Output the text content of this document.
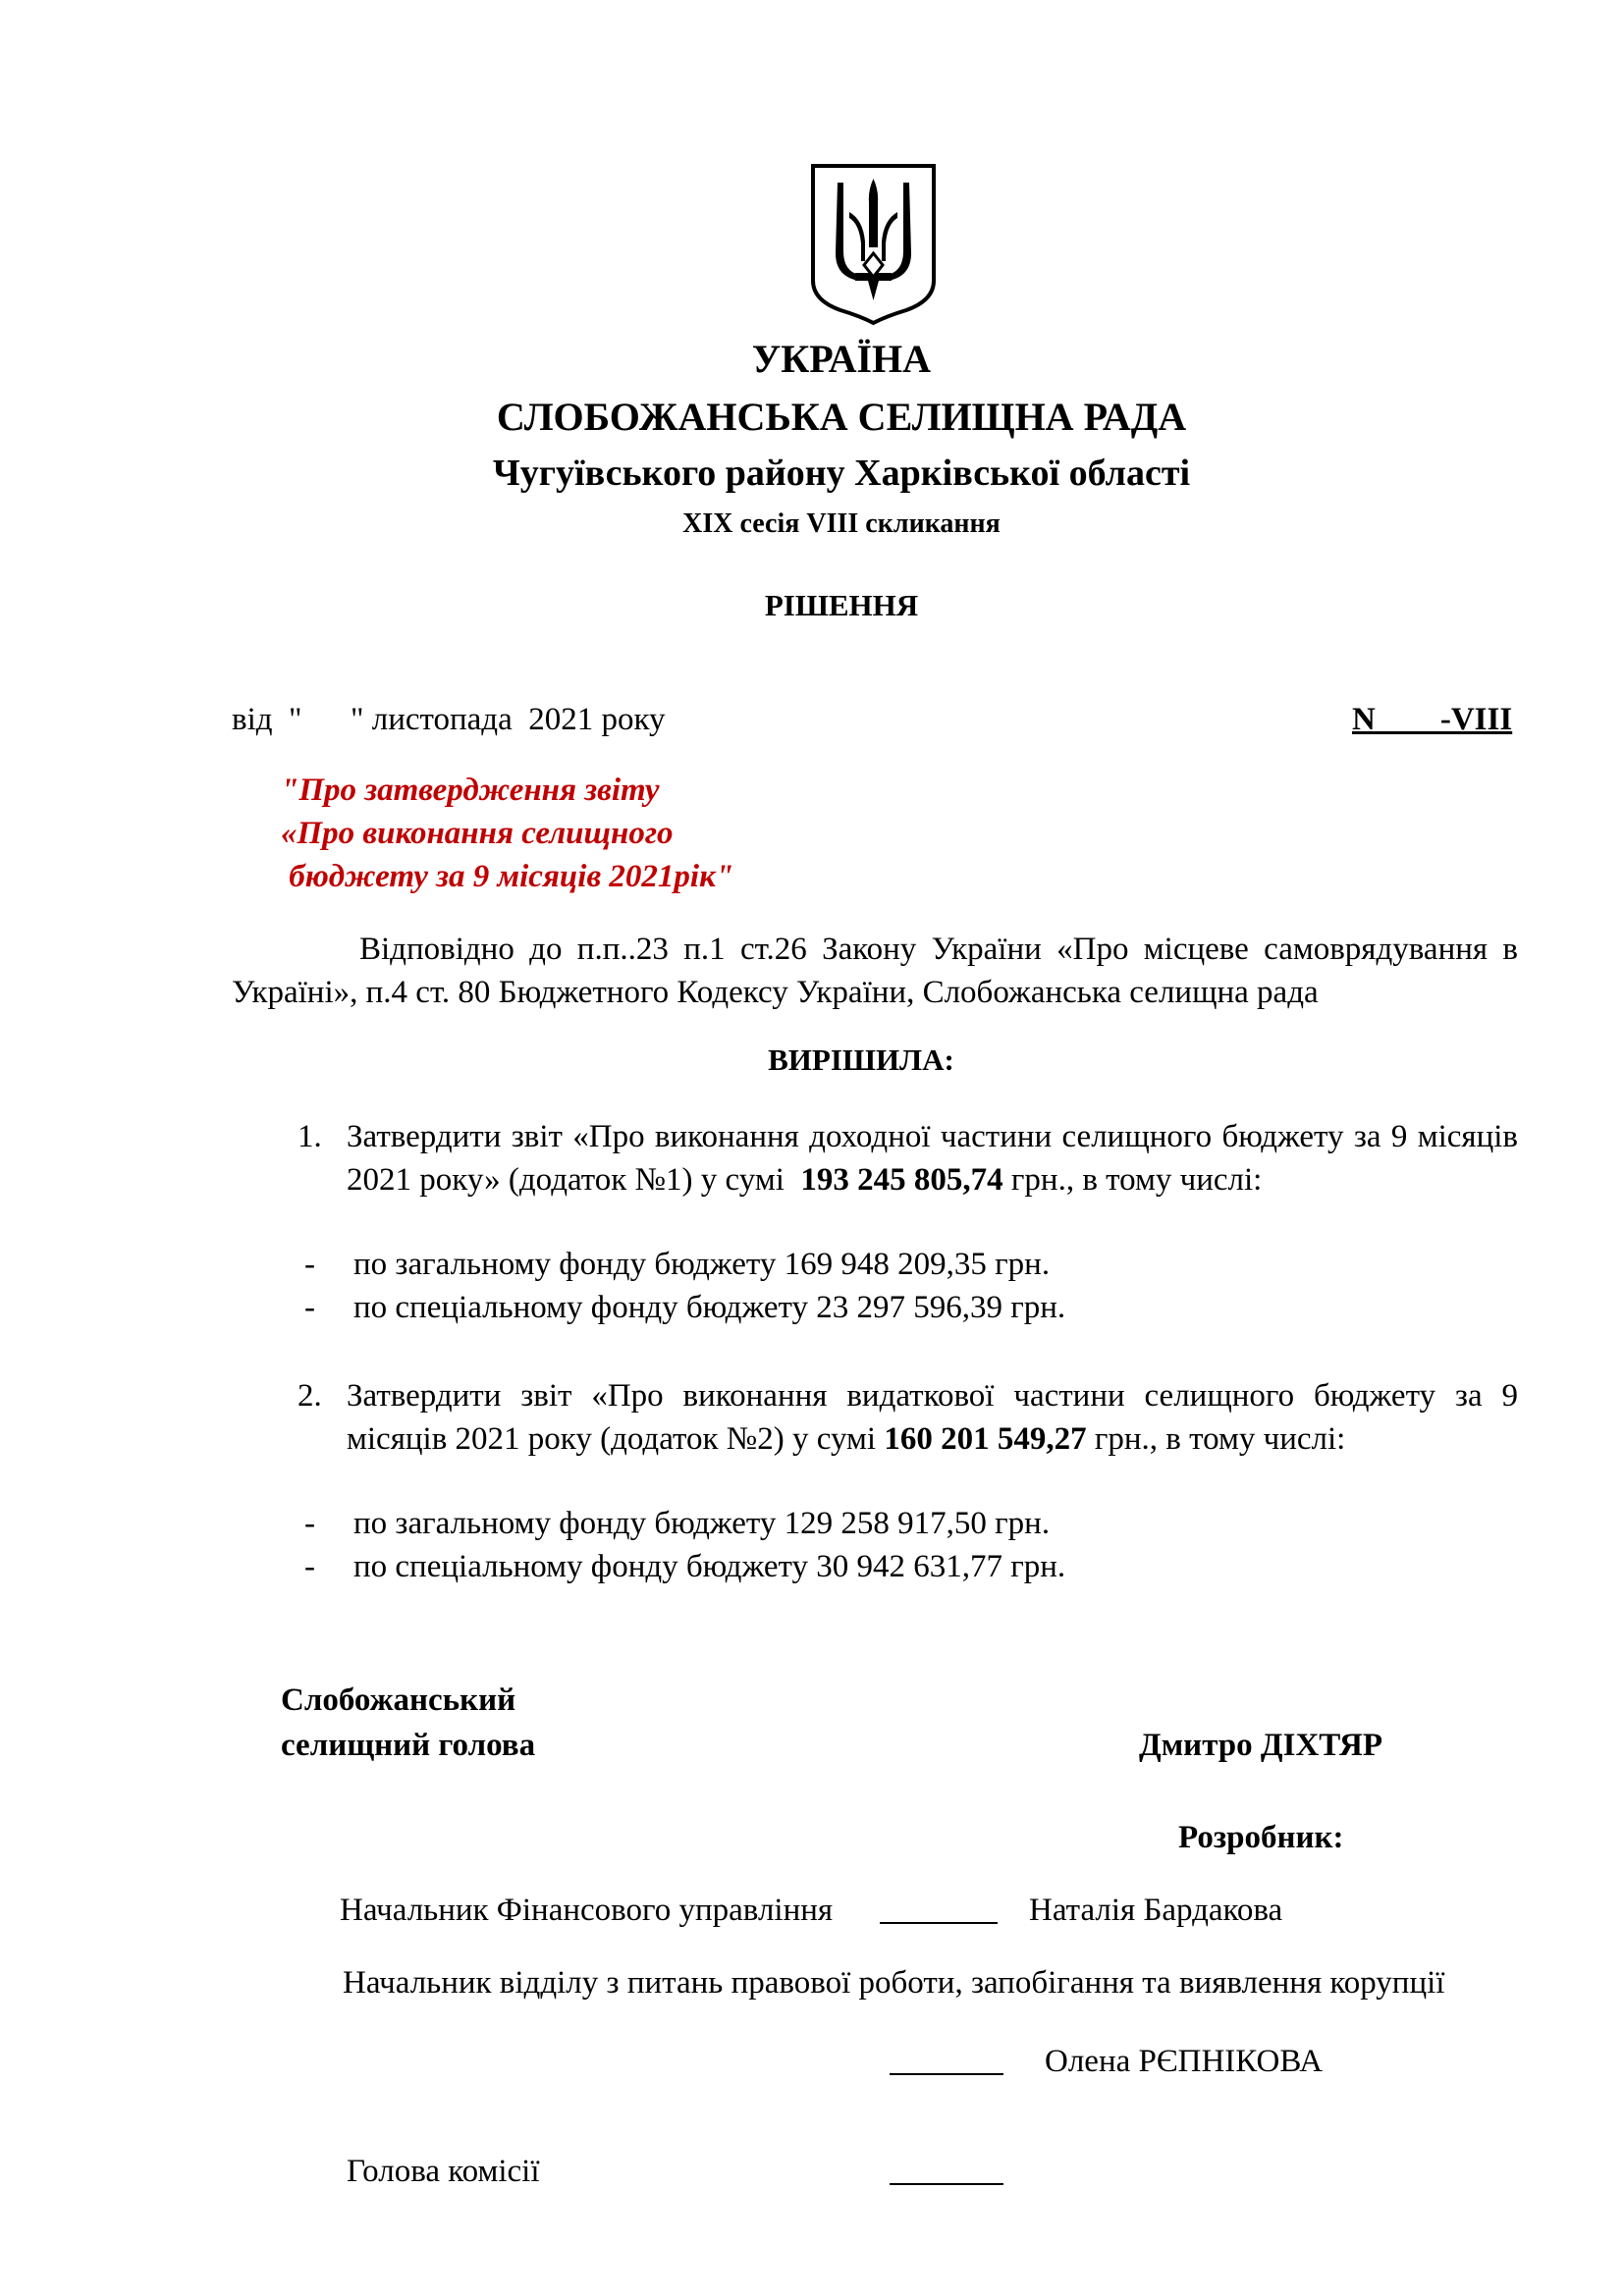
УКРАЇНА
СЛОБОЖАНСЬКА СЕЛИЩНА РАДА
Чугуївського району Харківської області
XIX сесія VIII скликання
РІШЕННЯ
від  "      " листопада  2021 року	N ___ -VIII
"Про затвердження звіту
«Про виконання селищного
бюджету за 9 місяців 2021рік"
Відповідно до п.п..23 п.1 ст.26 Закону України «Про місцеве самоврядування в
Україні», п.4 ст. 80 Бюджетного Кодексу України, Слобожанська селищна рада
ВИРІШИЛА:
1. Затвердити звіт «Про виконання доходної частини селищного бюджету за 9 місяців
2021 року» (додаток №1) у сумі  193 245 805,74 грн., в тому числі:
- по загальному фонду бюджету 169 948 209,35 грн.
- по спеціальному фонду бюджету 23 297 596,39 грн.
2. Затвердити звіт «Про виконання видаткової частини селищного бюджету за 9
місяців 2021 року (додаток №2) у сумі 160 201 549,27 грн., в тому числі:
- по загальному фонду бюджету 129 258 917,50 грн.
- по спеціальному фонду бюджету 30 942 631,77 грн.
Слобожанський
селищний голова	Дмитро ДІХТЯР
Розробник:
Начальник Фінансового управління	Наталія Бардакова
Начальник відділу з питань правової роботи, запобігання та виявлення корупції
Олена РЄПНІКОВА
Голова комісії
